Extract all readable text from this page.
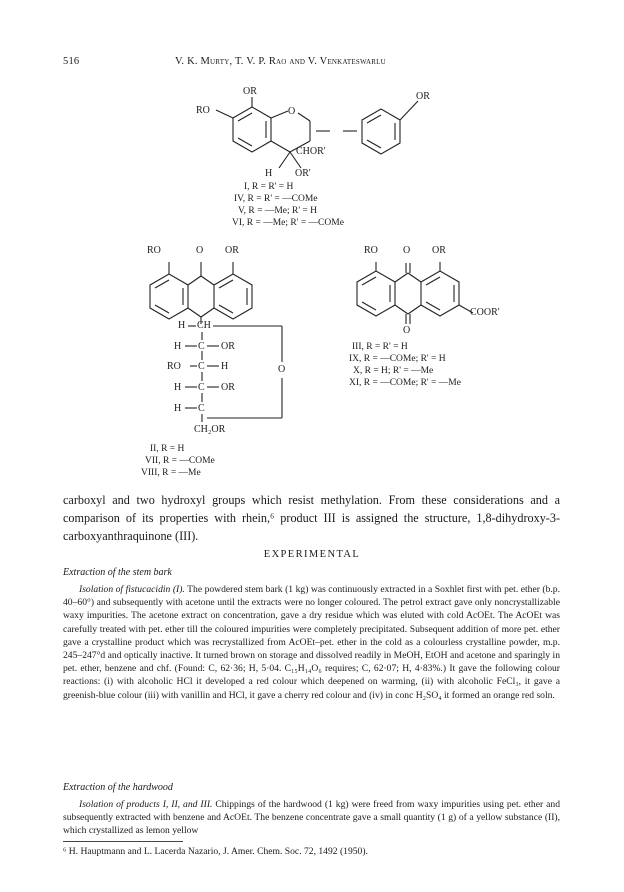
516	V. K. Murty, T. V. P. Rao and V. Venkateswarlu
RO
OR
O
OR
CHOR'
H OR'
I, R = R' = H
IV, R = R' = —COMe
V, R = —Me; R' = H
VI, R = —Me; R' = —COMe
RO	O OR
H CH
H C OR
RO C H
H C OR
H C
O
CH₂OR
II, R = H
VII, R = —COMe
VIII, R = —Me
RO	O OR
O
COOR'
III, R = R' = H
IX, R = —COMe; R' = H
X, R = H; R' = —Me
XI, R = —COMe; R' = —Me
carboxyl and two hydroxyl groups which resist methylation. From these considerations and a comparison of its properties with rhein,⁶ product III is assigned the structure, 1,8-dihydroxy-3-carboxyanthraquinone (III).
EXPERIMENTAL
Extraction of the stem bark
Isolation of fistucacidin (I). The powdered stem bark (1 kg) was continuously extracted in a Soxhlet first with pet. ether (b.p. 40–60°) and subsequently with acetone until the extracts were no longer coloured. The petrol extract gave only noncrystallizable waxy impurities. The acetone extract on concentration, gave a dry residue which was eluted with cold AcOEt. The AcOEt was carefully treated with pet. ether till the coloured impurities were completely precipitated. Subsequent addition of more pet. ether gave a crystalline product which was recrystallized from AcOEt–pet. ether in the cold as a colourless crystalline powder, m.p. 245–247°d and optically inactive. It turned brown on storage and dissolved readily in MeOH, EtOH and acetone and sparingly in pet. ether, benzene and chf. (Found: C, 62·36; H, 5·04. C₁₅H₁₄O₆ requires; C, 62·07; H, 4·83%.) It gave the following colour reactions: (i) with alcoholic HCl it developed a red colour which deepened on warming, (ii) with alcoholic FeCl₃, it gave a greenish-blue colour (iii) with vanillin and HCl, it gave a cherry red colour and (iv) in conc H₂SO₄ it formed an orange red soln.
Extraction of the hardwood
Isolation of products I, II, and III. Chippings of the hardwood (1 kg) were freed from waxy impurities using pet. ether and subsequently extracted with benzene and AcOEt. The benzene concentrate gave a small quantity (1 g) of a yellow substance (II), which crystallized as lemon yellow
⁶ H. Hauptmann and L. Lacerda Nazario, J. Amer. Chem. Soc. 72, 1492 (1950).
